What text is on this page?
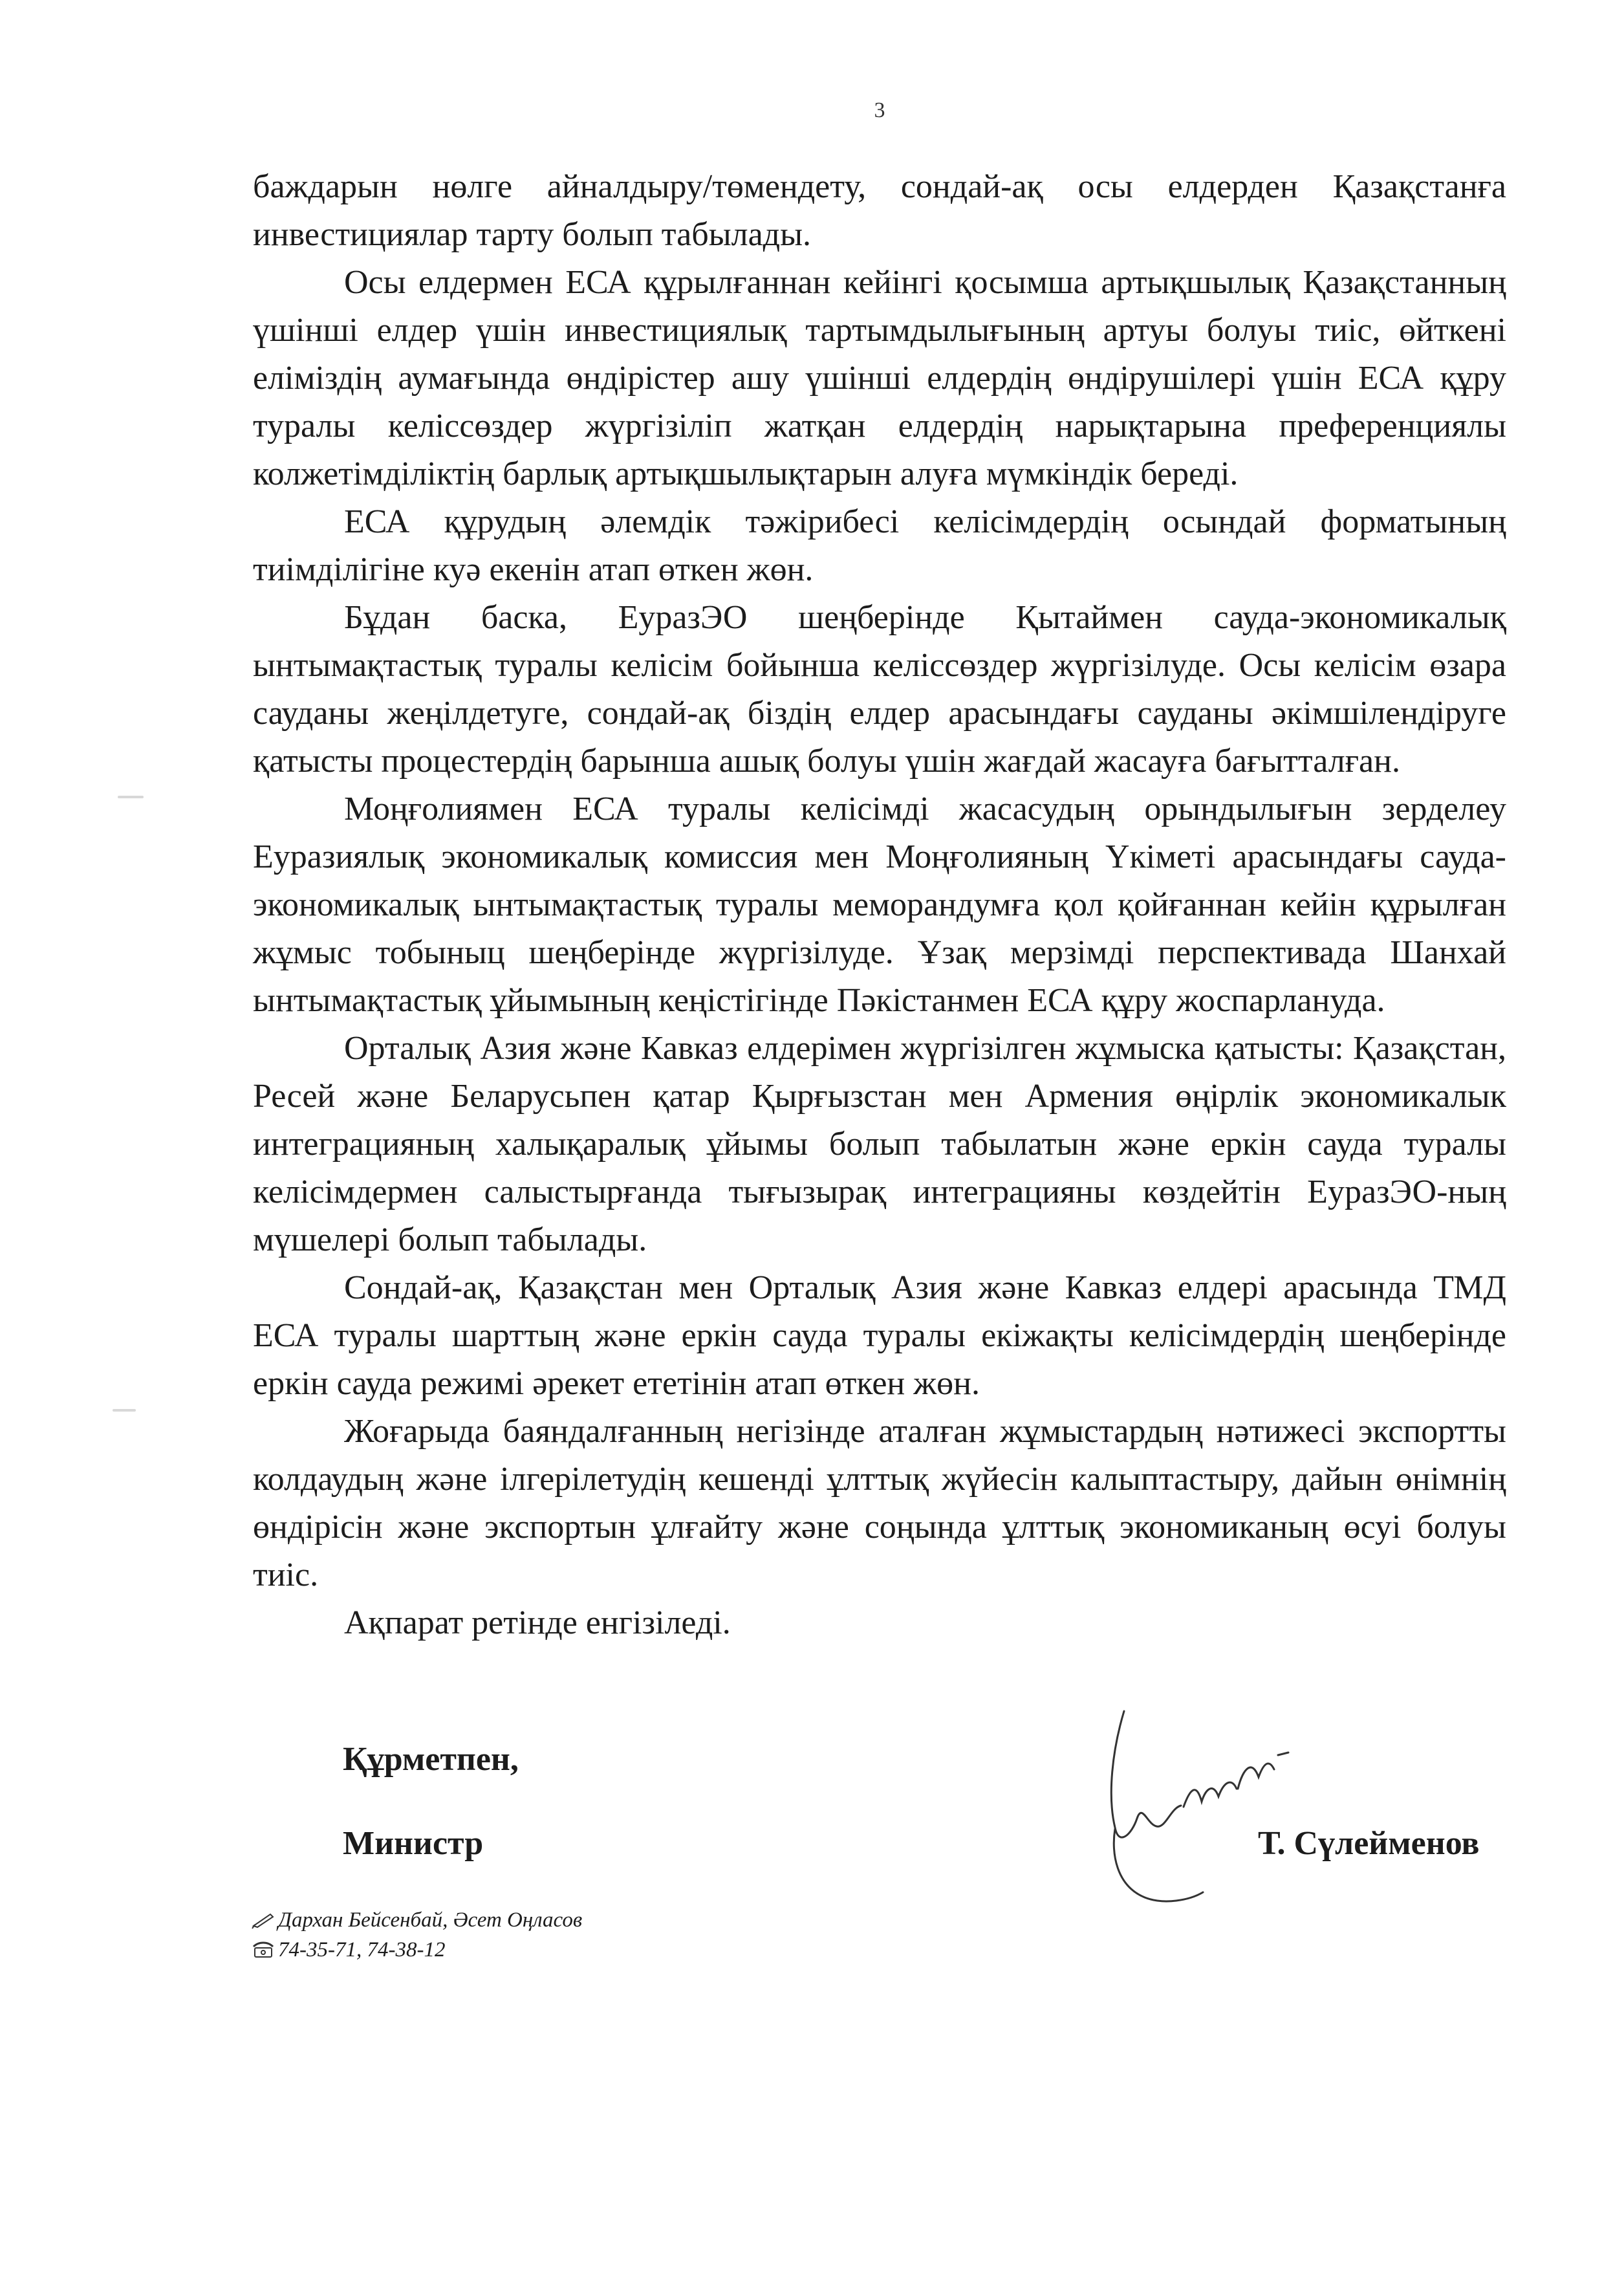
3

баждарын нөлге айналдыру/төмендету, сондай-ақ осы елдерден Қазақстанға инвестициялар тарту болып табылады.

Осы елдермен ЕСА құрылғаннан кейінгі қосымша артықшылық Қазақстанның үшінші елдер үшін инвестициялық тартымдылығының артуы болуы тиіс, өйткені еліміздің аумағында өндірістер ашу үшінші елдердің өндірушілері үшін ЕСА құру туралы келіссөздер жүргізіліп жатқан елдердің нарықтарына преференциялы колжетімділіктің барлық артықшылықтарын алуға мүмкіндік береді.

ЕСА құрудың әлемдік тәжірибесі келісімдердің осындай форматының тиімділігіне куә екенін атап өткен жөн.

Бұдан баска, ЕуразЭО шеңберінде Қытаймен сауда-экономикалық ынтымақтастық туралы келісім бойынша келіссөздер жүргізілуде. Осы келісім өзара сауданы жеңілдетуге, сондай-ақ біздің елдер арасындағы сауданы әкімшілендіруге қатысты процестердің барынша ашық болуы үшін жағдай жасауға бағытталған.

Моңғолиямен ЕСА туралы келісімді жасасудың орындылығын зерделеу Еуразиялық экономикалық комиссия мен Моңғолияның Үкіметі арасындағы сауда-экономикалық ынтымақтастық туралы меморандумға қол қойғаннан кейін құрылған жұмыс тобыныц шеңберінде жүргізілуде. Ұзақ мерзімді перспективада Шанхай ынтымақтастық ұйымының кеңістігінде Пәкістанмен ЕСА құру жоспарлануда.

Орталық Азия және Кавказ елдерімен жүргізілген жұмыска қатысты: Қазақстан, Ресей және Беларусьпен қатар Қырғызстан мен Армения өңірлік экономикалык интеграцияның халықаралық ұйымы болып табылатын және еркін сауда туралы келісімдермен салыстырғанда тығызырақ интеграцияны көздейтін ЕуразЭО-ның мүшелері болып табылады.

Сондай-ақ, Қазақстан мен Орталық Азия және Кавказ елдері арасында ТМД ЕСА туралы шарттың және еркін сауда туралы екіжақты келісімдердің шеңберінде еркін сауда режимі әрекет ететінін атап өткен жөн.

Жоғарыда баяндалғанның негізінде аталған жұмыстардың нәтижесі экспортты колдаудың және ілгерілетудің кешенді ұлттық жүйесін калыптастыру, дайын өнімнің өндірісін және экспортын ұлғайту және соңында ұлттық экономиканың өсуі болуы тиіс.

Ақпарат ретінде енгізіледі.

Құрметпен,
Министр	Т. Сүлейменов
Дархан Бейсенбай, Әсет Оңласов
74-35-71, 74-38-12
